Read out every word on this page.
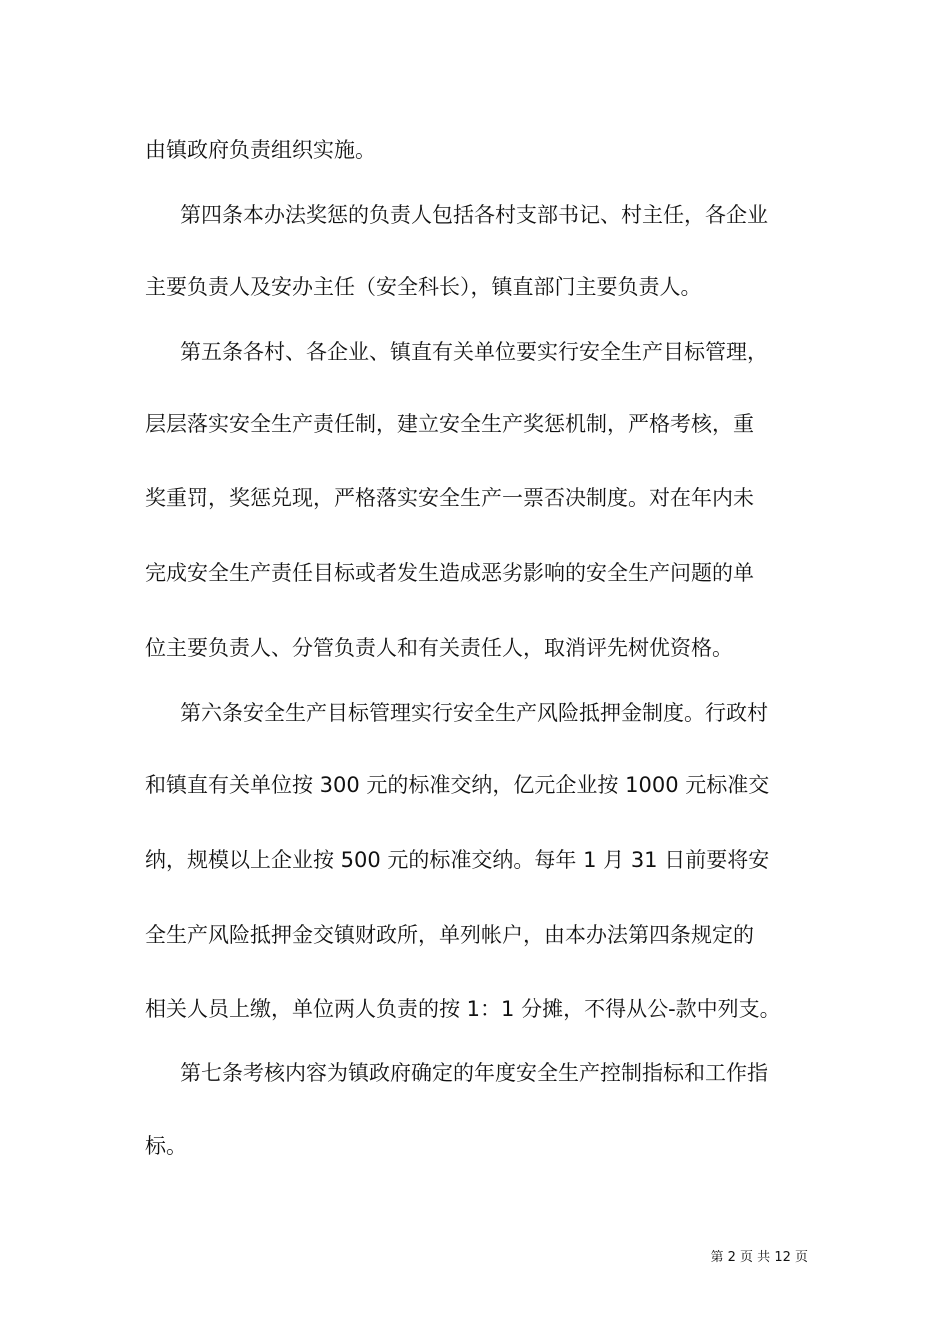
由镇政府负责组织实施。
第四条本办法奖惩的负责人包括各村支部书记、村主任，各企业
主要负责人及安办主任（安全科长），镇直部门主要负责人。
第五条各村、各企业、镇直有关单位要实行安全生产目标管理，
层层落实安全生产责任制，建立安全生产奖惩机制，严格考核，重
奖重罚，奖惩兑现，严格落实安全生产一票否决制度。对在年内未
完成安全生产责任目标或者发生造成恶劣影响的安全生产问题的单
位主要负责人、分管负责人和有关责任人，取消评先树优资格。
第六条安全生产目标管理实行安全生产风险抵押金制度。行政村
和镇直有关单位按 300 元的标准交纳，亿元企业按 1000 元标准交
纳，规模以上企业按 500 元的标准交纳。每年 1 月 31 日前要将安
全生产风险抵押金交镇财政所，单列帐户，由本办法第四条规定的
相关人员上缴，单位两人负责的按 1：1 分摊，不得从公-款中列支。
第七条考核内容为镇政府确定的年度安全生产控制指标和工作指
标。
第 2 页 共 12 页
